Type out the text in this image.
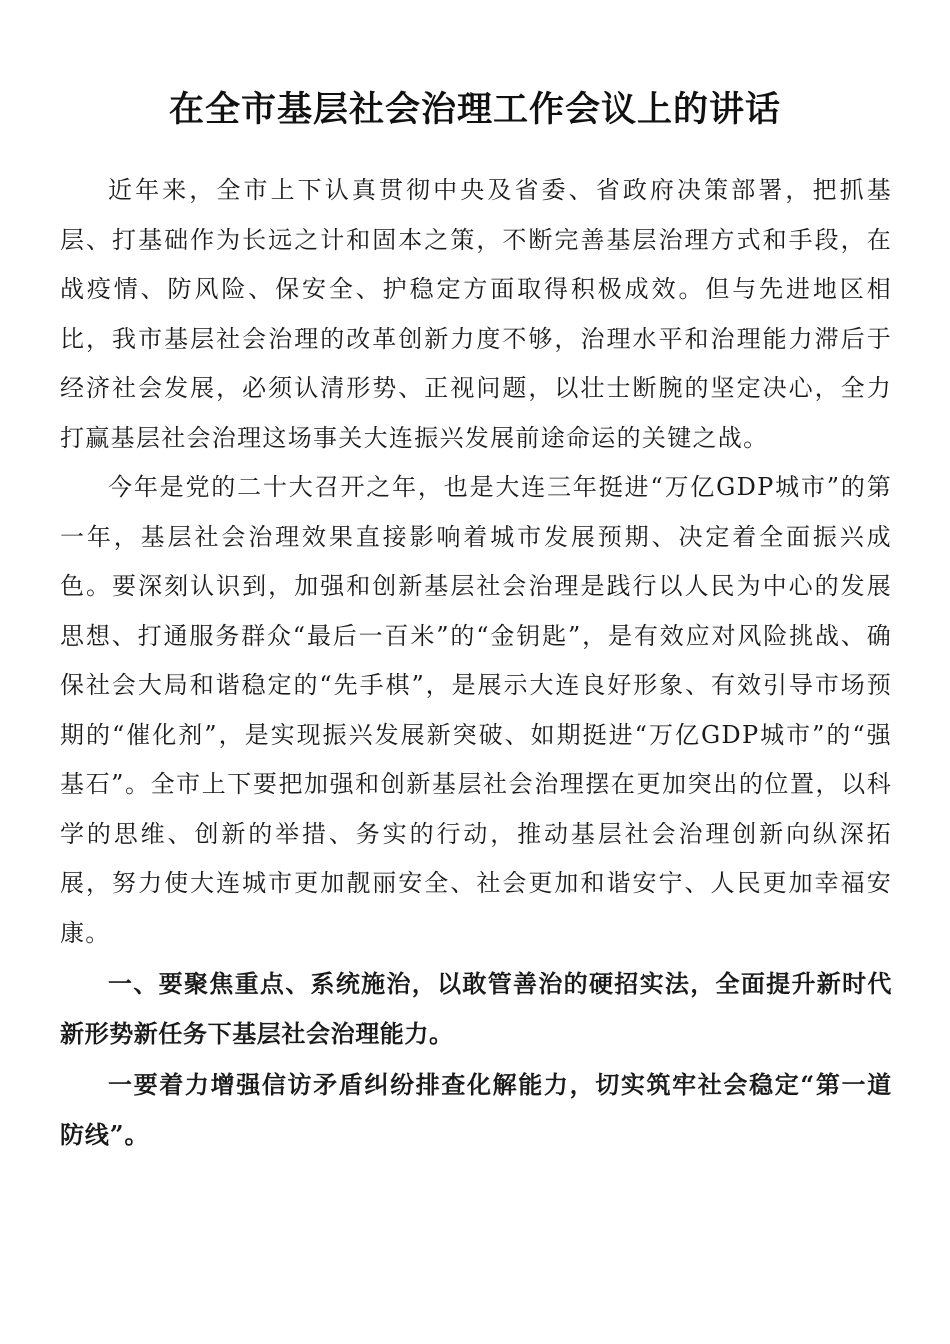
在全市基层社会治理工作会议上的讲话

近年来，全市上下认真贯彻中央及省委、省政府决策部署，把抓基层、打基础作为长远之计和固本之策，不断完善基层治理方式和手段，在战疫情、防风险、保安全、护稳定方面取得积极成效。但与先进地区相比，我市基层社会治理的改革创新力度不够，治理水平和治理能力滞后于经济社会发展，必须认清形势、正视问题，以壮士断腕的坚定决心，全力打赢基层社会治理这场事关大连振兴发展前途命运的关键之战。

今年是党的二十大召开之年，也是大连三年挺进“万亿GDP城市”的第一年，基层社会治理效果直接影响着城市发展预期、决定着全面振兴成色。要深刻认识到，加强和创新基层社会治理是践行以人民为中心的发展思想、打通服务群众“最后一百米”的“金钥匙”，是有效应对风险挑战、确保社会大局和谐稳定的“先手棋”，是展示大连良好形象、有效引导市场预期的“催化剂”，是实现振兴发展新突破、如期挺进“万亿GDP城市”的“强基石”。全市上下要把加强和创新基层社会治理摆在更加突出的位置，以科学的思维、创新的举措、务实的行动，推动基层社会治理创新向纵深拓展，努力使大连城市更加靓丽安全、社会更加和谐安宁、人民更加幸福安康。

一、要聚焦重点、系统施治，以敢管善治的硬招实法，全面提升新时代新形势新任务下基层社会治理能力。

一要着力增强信访矛盾纠纷排查化解能力，切实筑牢社会稳定“第一道防线”。
